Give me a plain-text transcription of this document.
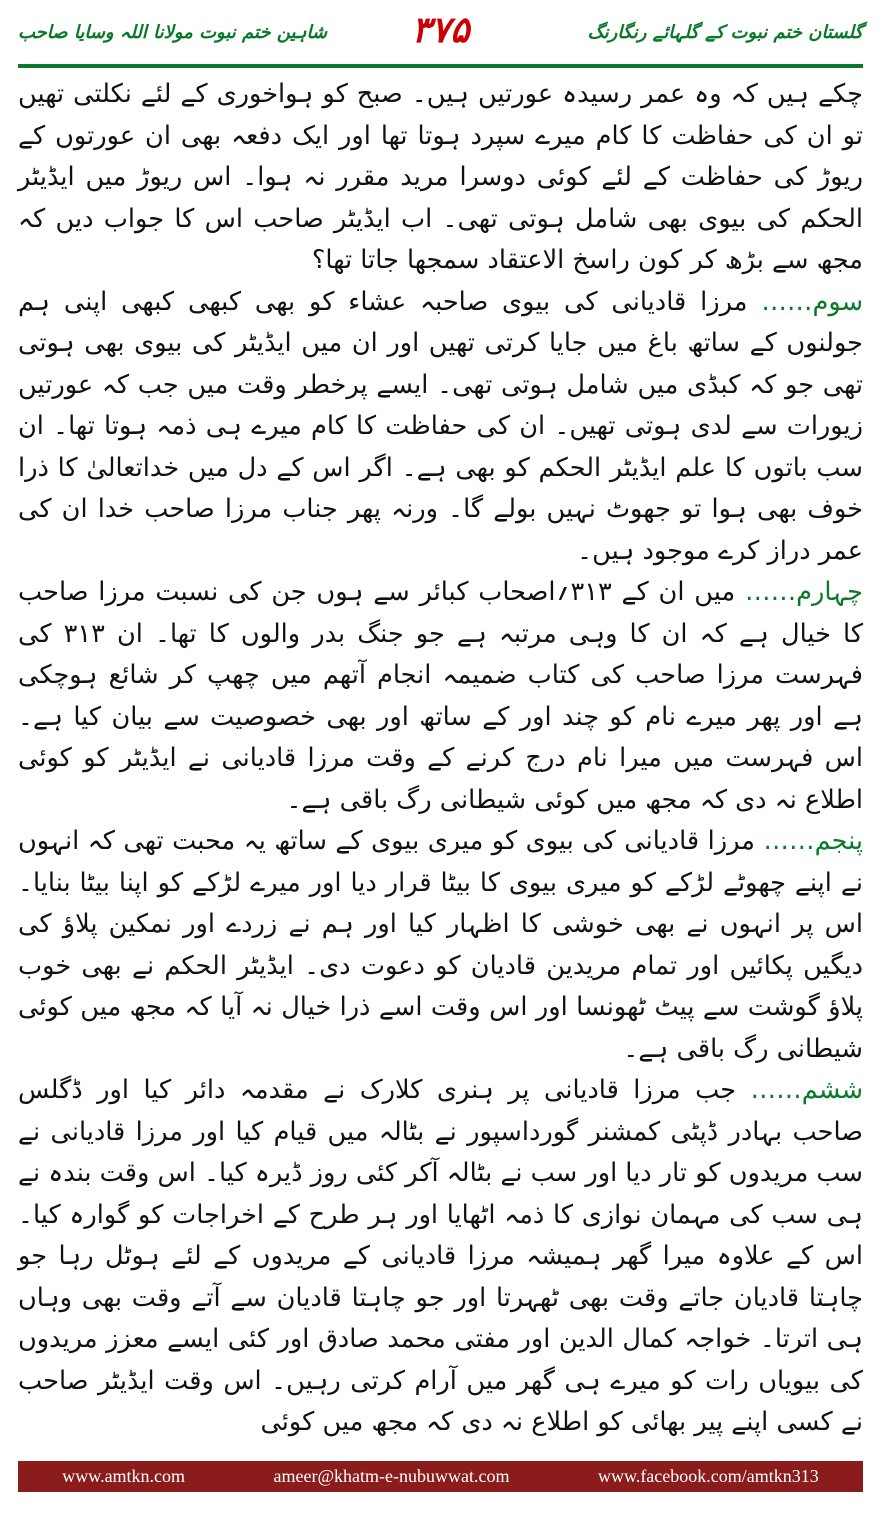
شاہین ختم نبوت مولانا اللہ وسایا صاحب	۳۷۵	گلستان ختم نبوت کے گلہائے رنگارنگ

چکے ہیں کہ وہ عمر رسیدہ عورتیں ہیں۔ صبح کو ہواخوری کے لئے نکلتی تھیں تو ان کی حفاظت کا کام میرے سپرد ہوتا تھا اور ایک دفعہ بھی ان عورتوں کے ریوڑ کی حفاظت کے لئے کوئی دوسرا مرید مقرر نہ ہوا۔ اس ریوڑ میں ایڈیٹر الحکم کی بیوی بھی شامل ہوتی تھی۔ اب ایڈیٹر صاحب اس کا جواب دیں کہ مجھ سے بڑھ کر کون راسخ الاعتقاد سمجھا جاتا تھا؟

سوم…… مرزا قادیانی کی بیوی صاحبہ عشاء کو بھی کبھی کبھی اپنی ہم جولنوں کے ساتھ باغ میں جایا کرتی تھیں اور ان میں ایڈیٹر کی بیوی بھی ہوتی تھی جو کہ کبڈی میں شامل ہوتی تھی۔ ایسے پرخطر وقت میں جب کہ عورتیں زیورات سے لدی ہوتی تھیں۔ ان کی حفاظت کا کام میرے ہی ذمہ ہوتا تھا۔ ان سب باتوں کا علم ایڈیٹر الحکم کو بھی ہے۔ اگر اس کے دل میں خداتعالیٰ کا ذرا خوف بھی ہوا تو جھوٹ نہیں بولے گا۔ ورنہ پھر جناب مرزا صاحب خدا ان کی عمر دراز کرے موجود ہیں۔

چہارم…… میں ان کے ۳۱۳؍اصحاب کبائر سے ہوں جن کی نسبت مرزا صاحب کا خیال ہے کہ ان کا وہی مرتبہ ہے جو جنگ بدر والوں کا تھا۔ ان ۳۱۳ کی فہرست مرزا صاحب کی کتاب ضمیمہ انجام آتھم میں چھپ کر شائع ہوچکی ہے اور پھر میرے نام کو چند اور کے ساتھ اور بھی خصوصیت سے بیان کیا ہے۔ اس فہرست میں میرا نام درج کرنے کے وقت مرزا قادیانی نے ایڈیٹر کو کوئی اطلاع نہ دی کہ مجھ میں کوئی شیطانی رگ باقی ہے۔

پنجم…… مرزا قادیانی کی بیوی کو میری بیوی کے ساتھ یہ محبت تھی کہ انہوں نے اپنے چھوٹے لڑکے کو میری بیوی کا بیٹا قرار دیا اور میرے لڑکے کو اپنا بیٹا بنایا۔ اس پر انہوں نے بھی خوشی کا اظہار کیا اور ہم نے زردے اور نمکین پلاؤ کی دیگیں پکائیں اور تمام مریدین قادیان کو دعوت دی۔ ایڈیٹر الحکم نے بھی خوب پلاؤ گوشت سے پیٹ ٹھونسا اور اس وقت اسے ذرا خیال نہ آیا کہ مجھ میں کوئی شیطانی رگ باقی ہے۔

ششم…… جب مرزا قادیانی پر ہنری کلارک نے مقدمہ دائر کیا اور ڈگلس صاحب بہادر ڈپٹی کمشنر گورداسپور نے بٹالہ میں قیام کیا اور مرزا قادیانی نے سب مریدوں کو تار دیا اور سب نے بٹالہ آکر کئی روز ڈیرہ کیا۔ اس وقت بندہ نے ہی سب کی مہمان نوازی کا ذمہ اٹھایا اور ہر طرح کے اخراجات کو گوارہ کیا۔ اس کے علاوہ میرا گھر ہمیشہ مرزا قادیانی کے مریدوں کے لئے ہوٹل رہا جو چاہتا قادیان جاتے وقت بھی ٹھہرتا اور جو چاہتا قادیان سے آتے وقت بھی وہاں ہی اترتا۔ خواجہ کمال الدین اور مفتی محمد صادق اور کئی ایسے معزز مریدوں کی بیویاں رات کو میرے ہی گھر میں آرام کرتی رہیں۔ اس وقت ایڈیٹر صاحب نے کسی اپنے پیر بھائی کو اطلاع نہ دی کہ مجھ میں کوئی

www.amtkn.com	ameer@khatm-e-nubuwwat.com	www.facebook.com/amtkn313
